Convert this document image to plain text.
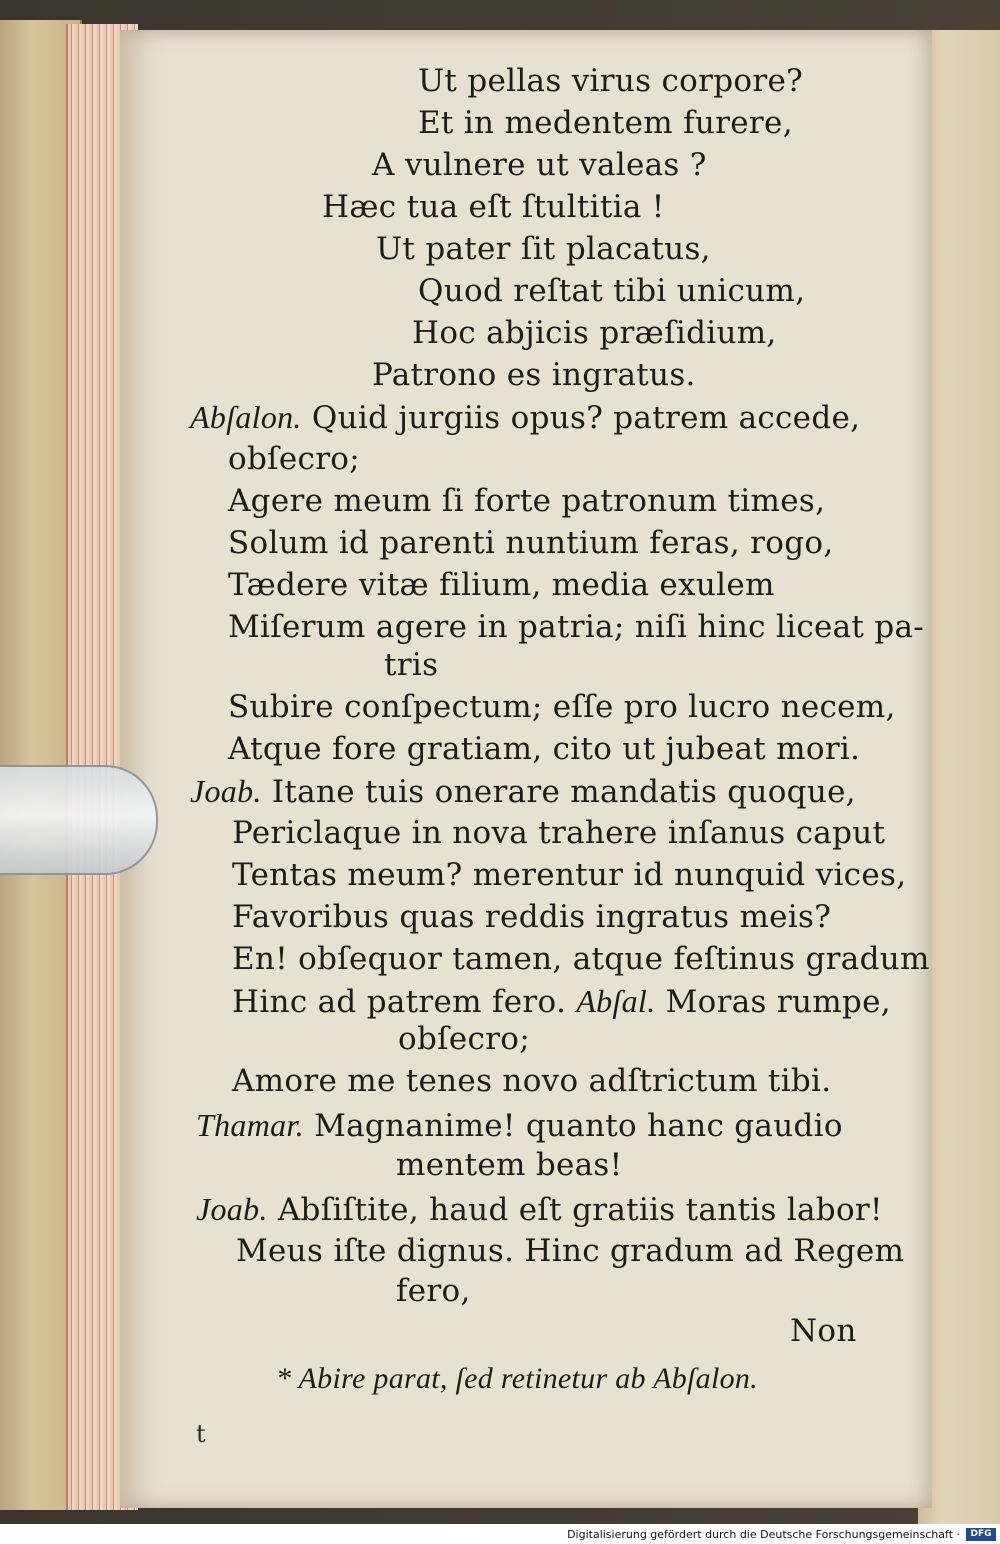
Ut pellas virus corpore?
Et in medentem furere,
A vulnere ut valeas ?
Hæc tua eſt ſtultitia !
Ut pater ſit placatus,
Quod reſtat tibi unicum,
Hoc abjicis præſidium,
Patrono es ingratus.
Abſalon. Quid jurgiis opus? patrem accede,
obſecro;
Agere meum ſi forte patronum times,
Solum id parenti nuntium feras, rogo,
Tædere vitæ filium, media exulem
Miſerum agere in patria; niſi hinc liceat pa-
tris
Subire conſpectum; eſſe pro lucro necem,
Atque fore gratiam, cito ut jubeat mori.
Joab. Itane tuis onerare mandatis quoque,
Periclaque in nova trahere inſanus caput
Tentas meum? merentur id nunquid vices,
Favoribus quas reddis ingratus meis?
En! obſequor tamen, atque feſtinus gradum
Hinc ad patrem fero. Abſal. Moras rumpe,
obſecro;
Amore me tenes novo adſtrictum tibi.
Thamar. Magnanime! quanto hanc gaudio
mentem beas!
Joab. Abſiſtite, haud eſt gratiis tantis labor!
Meus iſte dignus. Hinc gradum ad Regem
fero,
Non
* Abire parat, ſed retinetur ab Abſalon.
t
Digitalisierung gefördert durch die Deutsche Forschungsgemeinschaft ·	DFG
